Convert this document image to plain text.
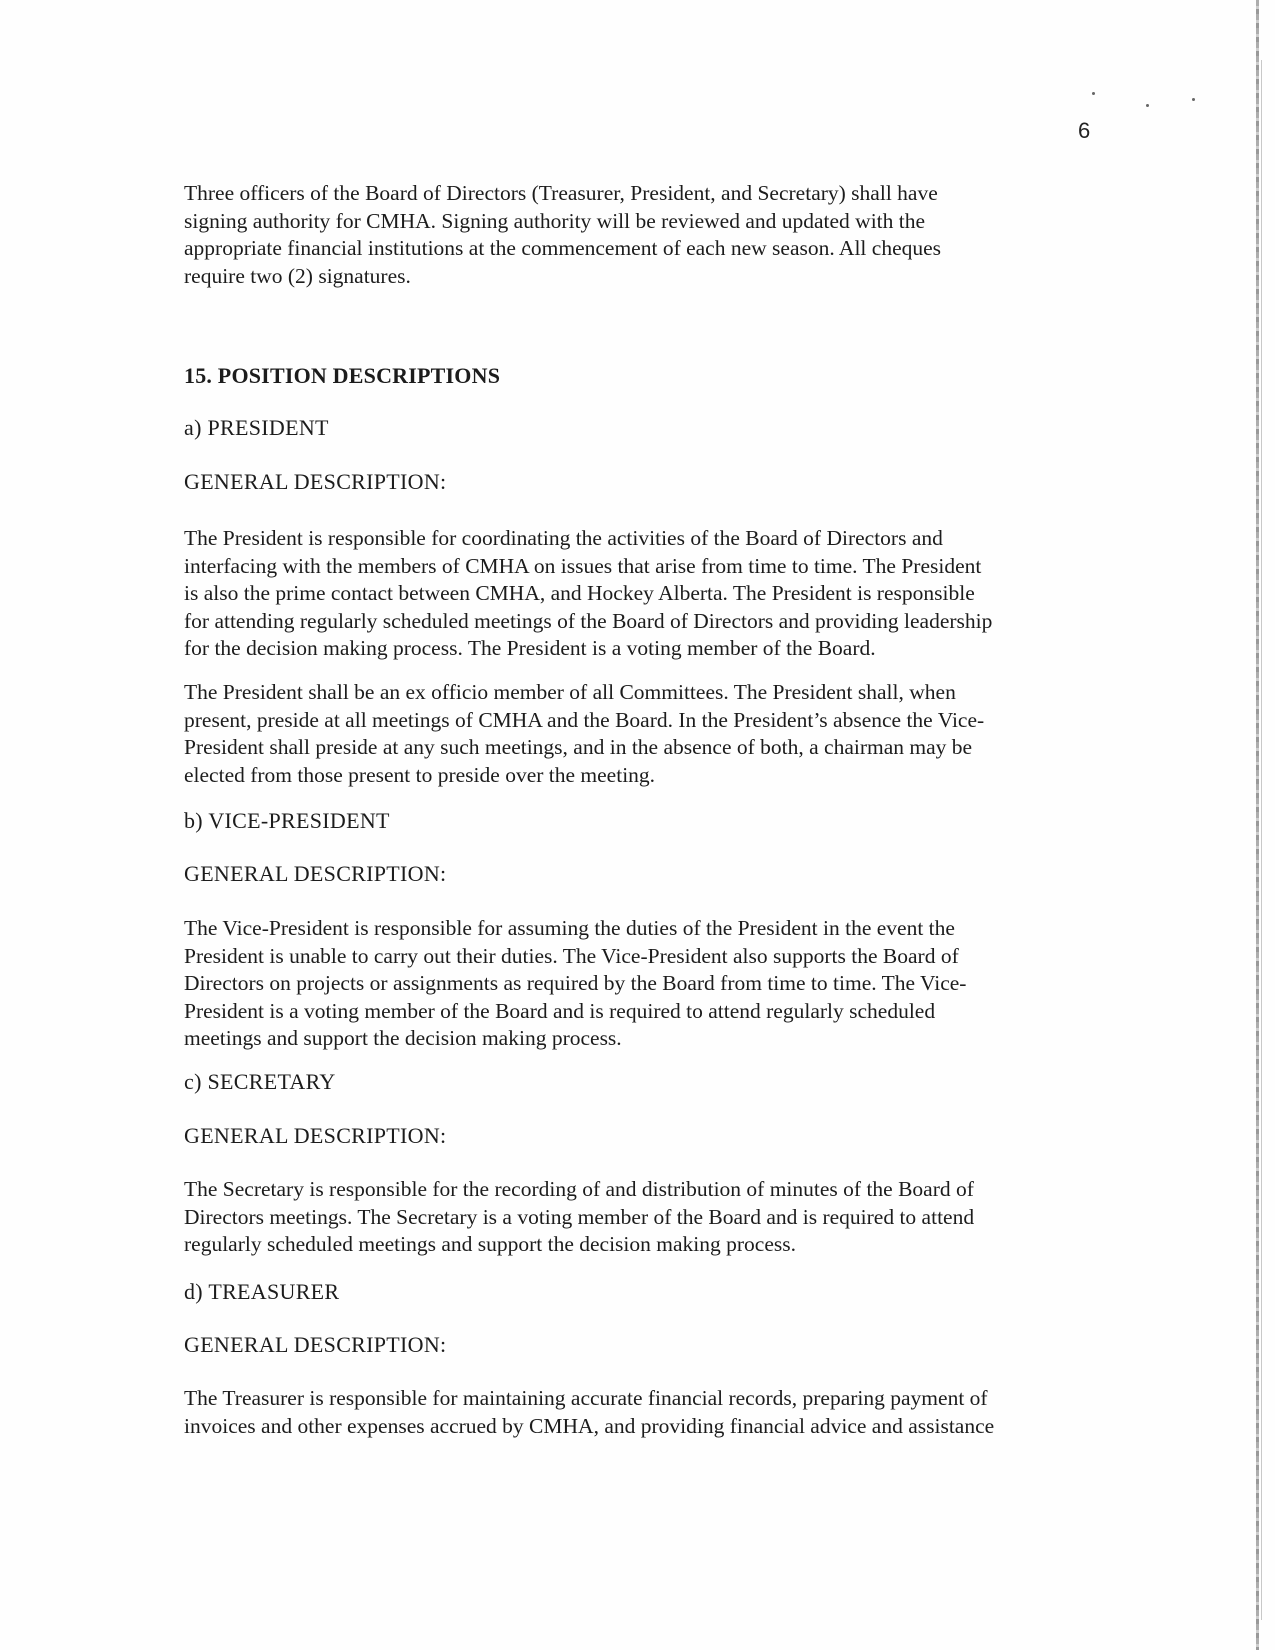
6

Three officers of the Board of Directors (Treasurer, President, and Secretary) shall have
signing authority for CMHA. Signing authority will be reviewed and updated with the
appropriate financial institutions at the commencement of each new season. All cheques
require two (2) signatures.

15. POSITION DESCRIPTIONS
a) PRESIDENT
GENERAL DESCRIPTION:

The President is responsible for coordinating the activities of the Board of Directors and
interfacing with the members of CMHA on issues that arise from time to time. The President
is also the prime contact between CMHA, and Hockey Alberta. The President is responsible
for attending regularly scheduled meetings of the Board of Directors and providing leadership
for the decision making process. The President is a voting member of the Board.

The President shall be an ex officio member of all Committees. The President shall, when
present, preside at all meetings of CMHA and the Board. In the President’s absence the Vice-
President shall preside at any such meetings, and in the absence of both, a chairman may be
elected from those present to preside over the meeting.

b) VICE-PRESIDENT
GENERAL DESCRIPTION:

The Vice-President is responsible for assuming the duties of the President in the event the
President is unable to carry out their duties. The Vice-President also supports the Board of
Directors on projects or assignments as required by the Board from time to time. The Vice-
President is a voting member of the Board and is required to attend regularly scheduled
meetings and support the decision making process.

c) SECRETARY
GENERAL DESCRIPTION:

The Secretary is responsible for the recording of and distribution of minutes of the Board of
Directors meetings. The Secretary is a voting member of the Board and is required to attend
regularly scheduled meetings and support the decision making process.

d) TREASURER
GENERAL DESCRIPTION:

The Treasurer is responsible for maintaining accurate financial records, preparing payment of
invoices and other expenses accrued by CMHA, and providing financial advice and assistance
